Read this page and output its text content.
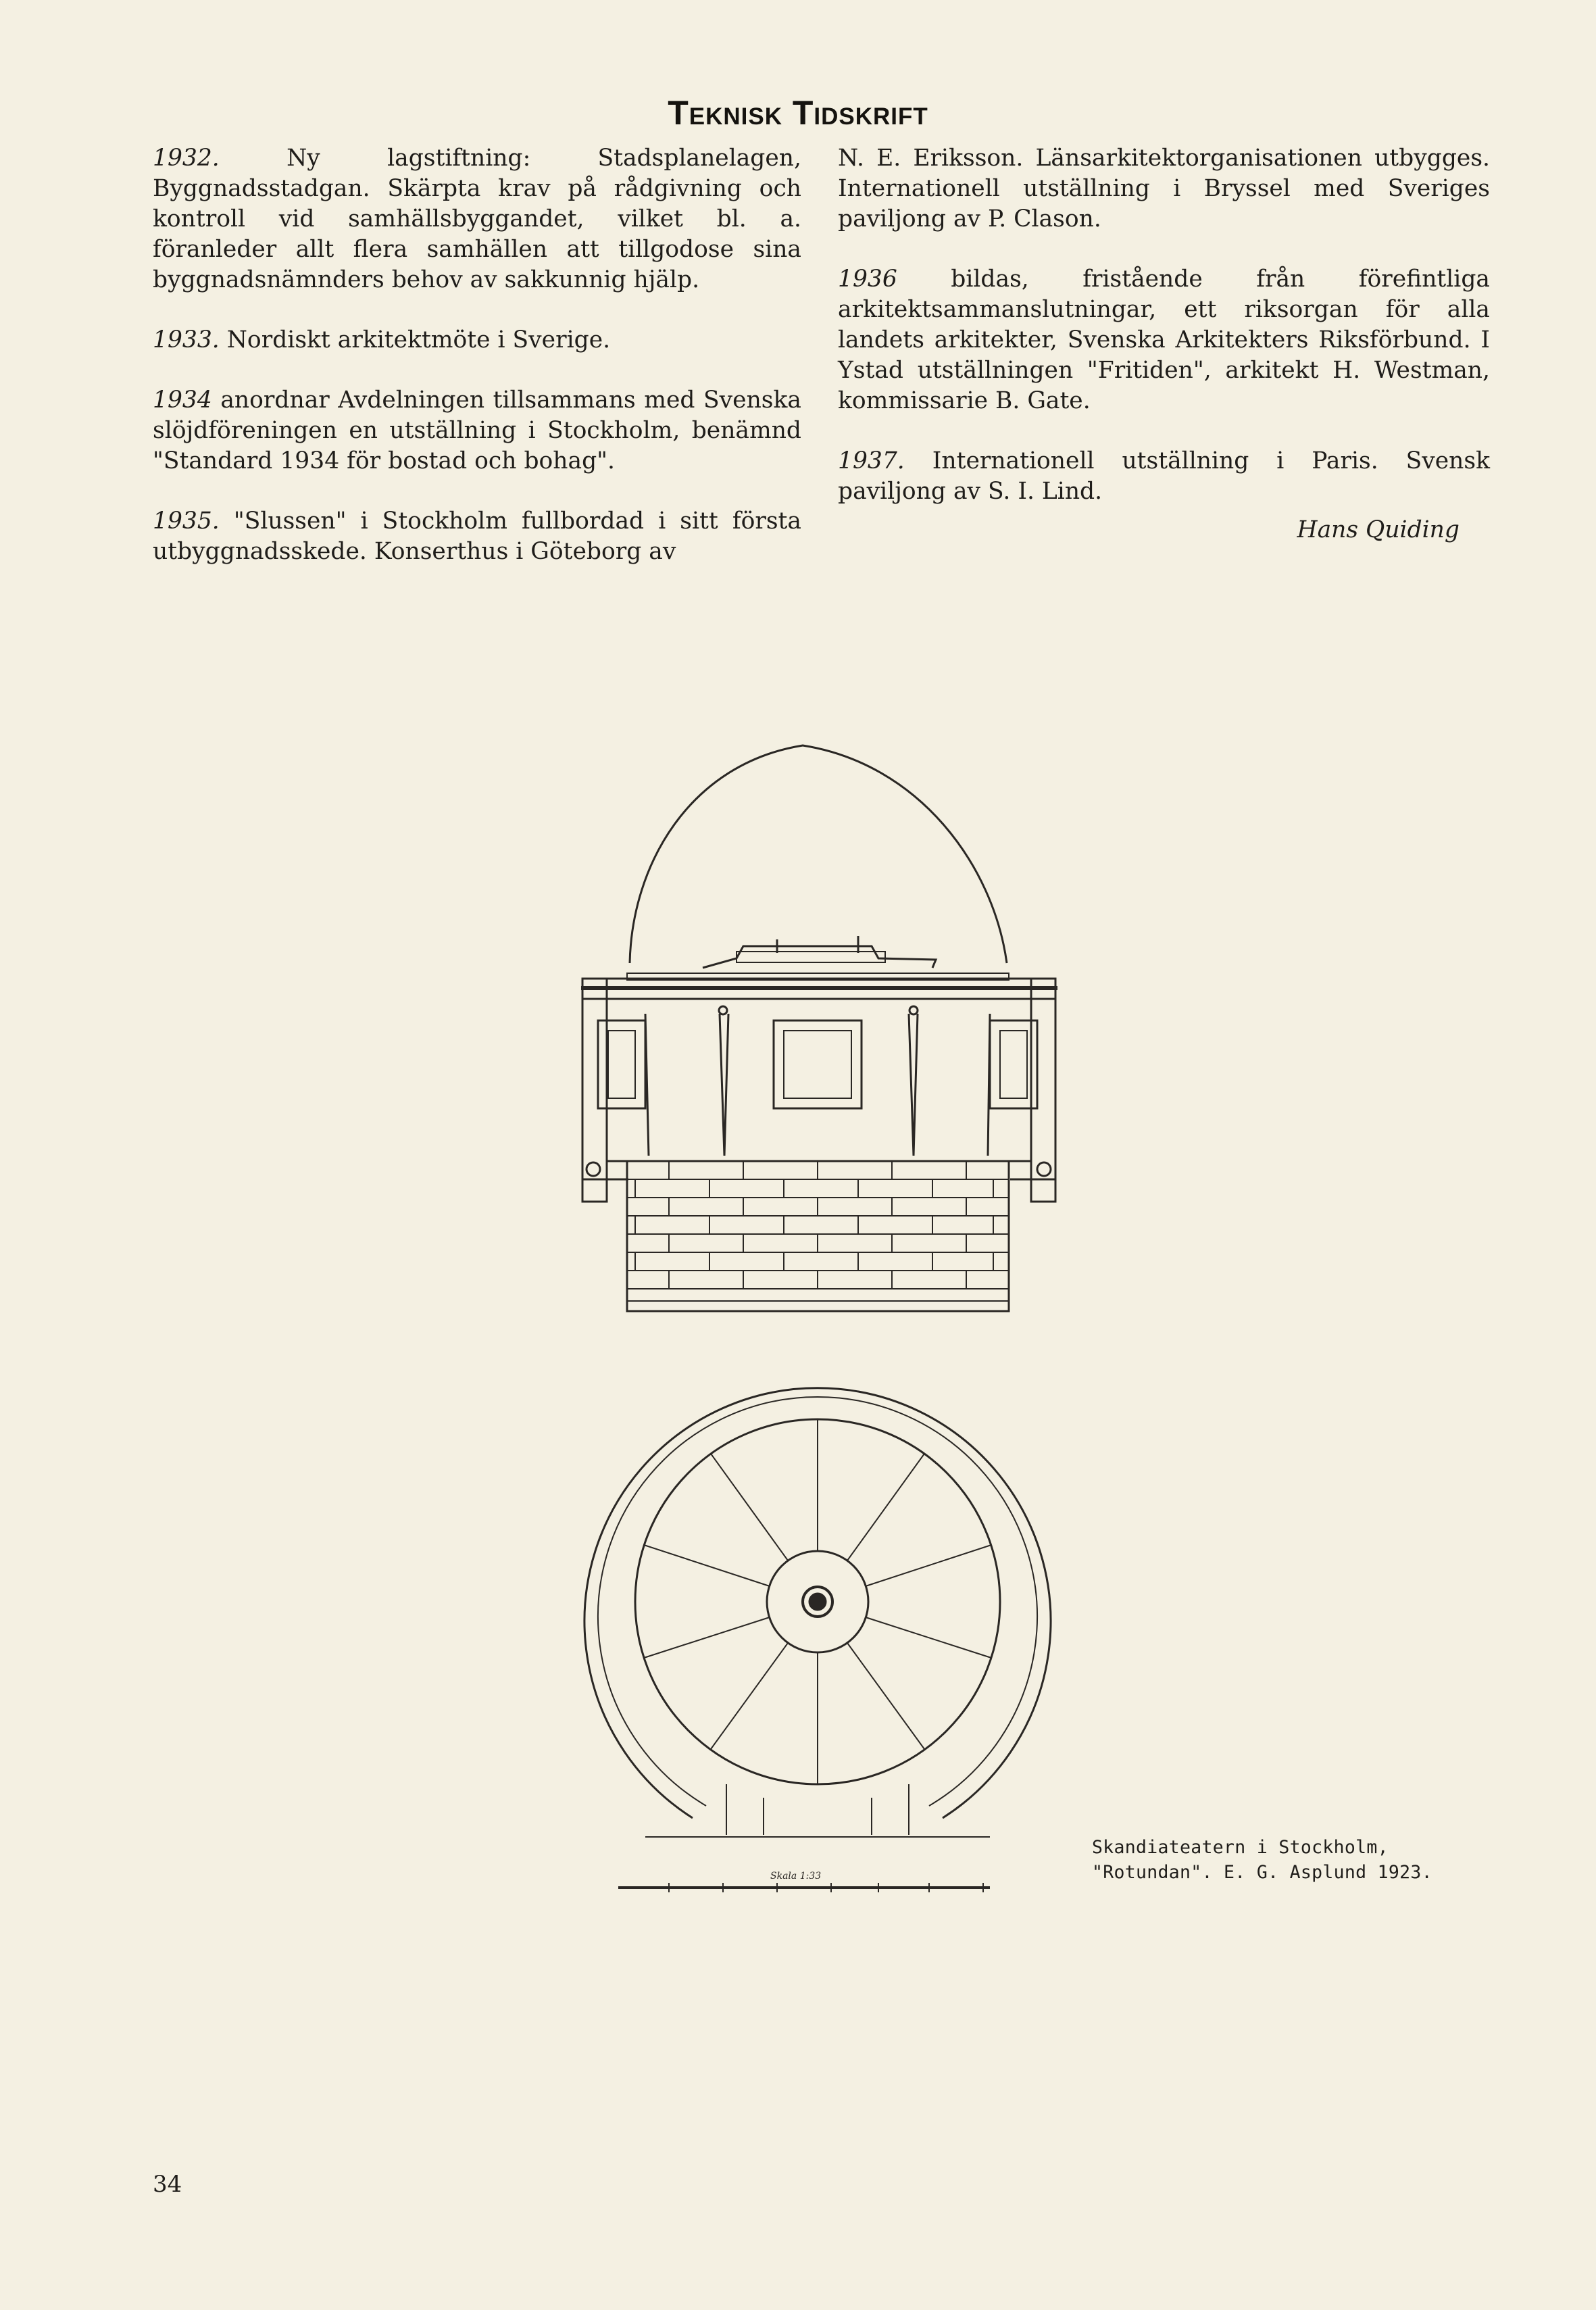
Teknisk Tidskrift

1932. Ny lagstiftning: Stadsplanelagen, Byggnadsstadgan. Skärpta krav på rådgivning och kontroll vid samhällsbyggandet, vilket bl. a. föranleder allt flera samhällen att tillgodose sina byggnadsnämnders behov av sakkunnig hjälp.

1933. Nordiskt arkitektmöte i Sverige.

1934 anordnar Avdelningen tillsammans med Svenska slöjdföreningen en utställning i Stockholm, benämnd "Standard 1934 för bostad och bohag".

1935. "Slussen" i Stockholm fullbordad i sitt första utbyggnadsskede. Konserthus i Göteborg av

N. E. Eriksson. Länsarkitektorganisationen utbygges. Internationell utställning i Bryssel med Sveriges paviljong av P. Clason.

1936 bildas, fristående från förefintliga arkitektsammanslutningar, ett riksorgan för alla landets arkitekter, Svenska Arkitekters Riksförbund. I Ystad utställningen "Fritiden", arkitekt H. Westman, kommissarie B. Gate.

1937. Internationell utställning i Paris. Svensk paviljong av S. I. Lind.

Hans Quiding
Skala 1:33
Skandiateatern i Stockholm, "Rotundan". E. G. Asplund 1923.
34
